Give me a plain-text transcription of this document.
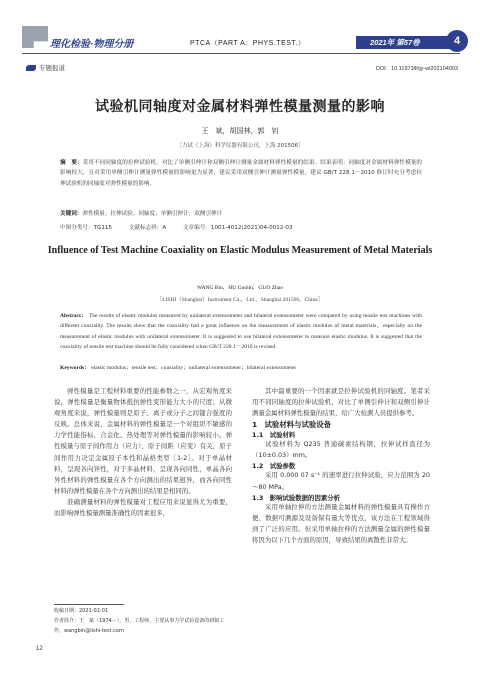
理化检验·物理分册	PTCA（PART A：PHYS.TEST.）	2021年 第57卷	4
专题报道	DOI：10.11973/lhjy-wl202104003
试验机同轴度对金属材料弹性模量测量的影响
王　斌，胡国林，郭　钊
［力试（上海）科学仪器有限公司，上海 201506］
摘　要：采用不同同轴度的拉伸试验机，对比了单侧引伸计和双侧引伸计测量金属材料弹性模量的结果。结果表明：同轴度对金属材料弹性模量的影响较大，且对采用单侧引伸计测量弹性模量的影响更为显著，建议采用双侧引伸计测量弹性模量。建议 GB/T 228.1－2010 修订时充分考虑拉伸试验机的同轴度对弹性模量的影响。
关键词：弹性模量；拉伸试验；同轴度；单侧引伸计；双侧引伸计
中图分类号：TG115　　　文献标志码：A　　　文章编号：1001-4012(2021)04-0012-03
Influence of Test Machine Coaxiality on Elastic Modulus Measurement of Metal Materials
WANG Bin，HU Guolin，GUO Zhao
［LISHI（Shanghai）Instrument Co.，Ltd.，Shanghai 201506，China］
Abstract： The results of elastic modulus measured by unilateral extensometer and bilateral extensometer were compared by using tensile test machines with different coaxiality. The results show that the coaxiality had a great influence on the measurement of elastic modulus of metal materials，especially on the measurement of elastic modulus with unilateral extensometer. It is suggested to use bilateral extensometer to measure elastic modulus. It is suggested that the coaxiality of tensile test machine should be fully considered when GB/T 228.1－2010 is revised.
Keywords： elastic modulus；tensile test；coaxiality；unilateral extensometer；bilateral extensometer

弹性模量是工程材料重要的性能参数之一，从宏观角度来说，弹性模量是衡量物体抵抗弹性变形能力大小的尺度；从微观角度来说，弹性模量则是原子、离子或分子之间键合强度的反映。总体来说，金属材料的弹性模量是一个对组织不敏感的力学性能指标，合金化、热处理等对弹性模量的影响较小。弹性模量与原子间作用力（应力）、原子间距（应变）有关，原子间作用力决定金属原子本性和晶格类型［1-2］。对于单晶材料，呈现各向异性，对于多晶材料，呈现各向同性，单晶各向异性材料的弹性模量在各个方向测出的结果迥异，而各向同性材料的弹性模量在各个方向测出的结果是相同的。

准确测量材料的弹性模量对工程应用来说显得尤为重要，而影响弹性模量测量准确性的因素很多，

其中最重要的一个因素就是拉伸试验机的同轴度。笔者采用不同同轴度的拉伸试验机，对比了单侧引伸计和双侧引伸计测量金属材料弹性模量的结果，给广大检测人员提供参考。

1　试验材料与试验设备

1.1　试验材料

试验材料为 Q235 普通碳素结构钢，拉伸试样直径为（10±0.03）mm。

1.2　试验参数

采用 0.000 07 s⁻¹ 的速率进行拉伸试验，应力范围为 20～80 MPa。

1.3　影响试验数据的因素分析

采用单轴拉伸的方法测量金属材料的弹性模量具有操作方便、数据可测源及设备保有量大等优点，该方法在工程领域得到了广泛的应用。但采用单轴拉伸的方法测量金属的弹性模量将因为以下几个方面的原因，导致结果的离散性非常大。

收稿日期：2021-02-01
作者简介：王　斌（1974－），男，工程师，主要从事力学试验设备的研制工作，wangbin@lishi-test.com
12
